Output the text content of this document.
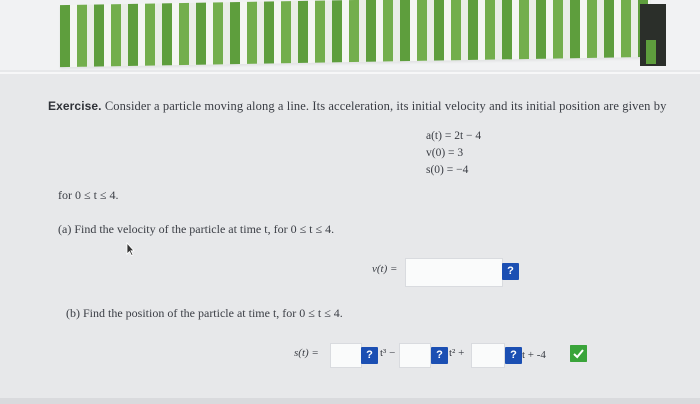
Exercise. Consider a particle moving along a line. Its acceleration, its initial velocity and its initial position are given by
a(t) = 2t − 4
v(0) = 3
s(0) = −4
for 0 ≤ t ≤ 4.
(a) Find the velocity of the particle at time t, for 0 ≤ t ≤ 4.
v(t) =	?
(b) Find the position of the particle at time t, for 0 ≤ t ≤ 4.
s(t) =	? t³ −	? t² +	? t + -4
